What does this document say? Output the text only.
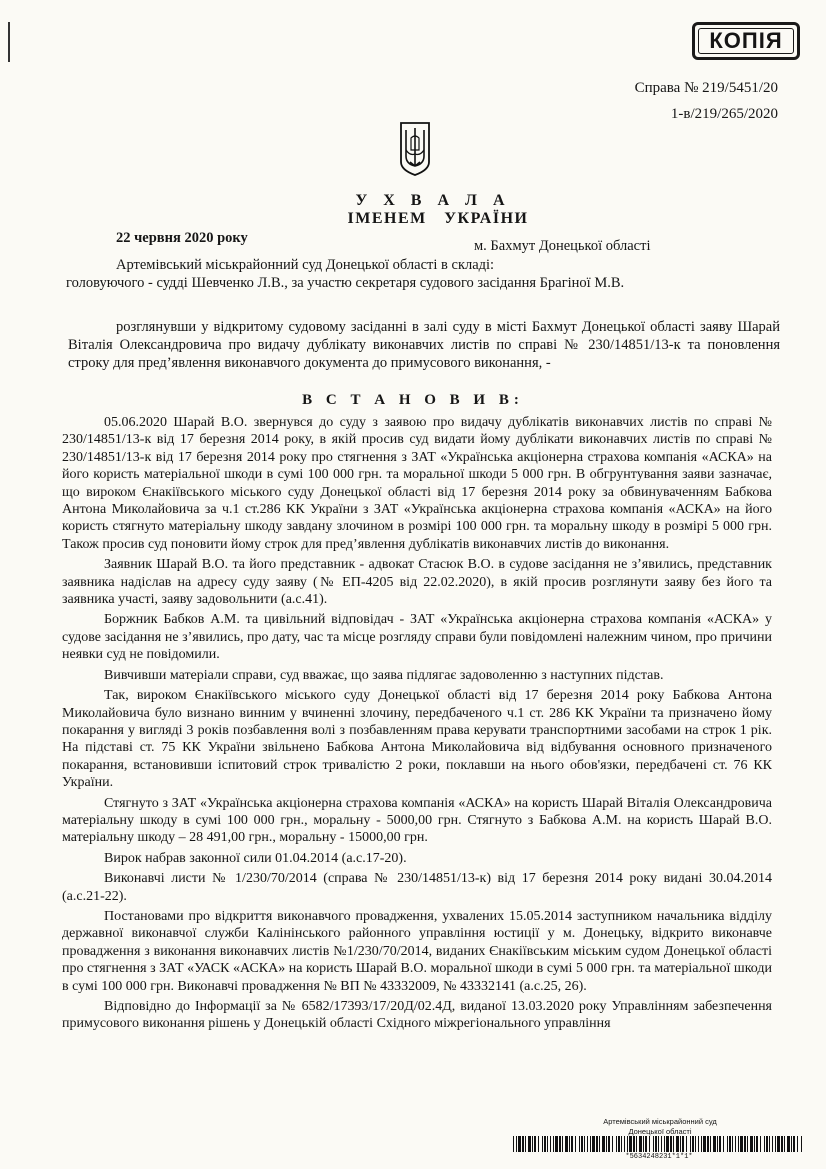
КОПІЯ
Справа № 219/5451/20
1-в/219/265/2020
У Х В А Л А
ІМЕНЕМ УКРАЇНИ
22 червня 2020 року	м. Бахмут Донецької області

Артемівський міськрайонний суд Донецької області в складі:

головуючого - судді Шевченко Л.В., за участю секретаря судового засідання Брагіної М.В.

розглянувши у відкритому судовому засіданні в залі суду в місті Бахмут Донецької області заяву Шарай Віталія Олександровича про видачу дублікату виконавчих листів по справі № 230/14851/13-к та поновлення строку для пред’явлення виконавчого документа до примусового виконання, -

В С Т А Н О В И В:

05.06.2020 Шарай В.О. звернувся до суду з заявою про видачу дублікатів виконавчих листів по справі № 230/14851/13-к від 17 березня 2014 року, в якій просив суд видати йому дублікати виконавчих листів по справі № 230/14851/13-к від 17 березня 2014 року про стягнення з ЗАТ «Українська акціонерна страхова компанія «АСКА» на його користь матеріальної шкоди в сумі 100 000 грн. та моральної шкоди 5 000 грн. В обгрунтування заяви зазначає, що вироком Єнакіївського міського суду Донецької області від 17 березня 2014 року за обвинуваченням Бабкова Антона Миколайовича за ч.1 ст.286 КК України з ЗАТ «Українська акціонерна страхова компанія «АСКА» на його користь стягнуто матеріальну шкоду завдану злочином в розмірі 100 000 грн. та моральну шкоду в розмірі 5 000 грн. Також просив суд поновити йому строк для пред’явлення дублікатів виконавчих листів до виконання.

Заявник Шарай В.О. та його представник - адвокат Стасюк В.О. в судове засідання не з’явились, представник заявника надіслав на адресу суду заяву (№ ЕП-4205 від 22.02.2020), в якій просив розглянути заяву без його та заявника участі, заяву задовольнити (а.с.41).

Боржник Бабков А.М. та цивільний відповідач - ЗАТ «Українська акціонерна страхова компанія «АСКА» у судове засідання не з’явились, про дату, час та місце розгляду справи були повідомлені належним чином, про причини неявки суд не повідомили.

Вивчивши матеріали справи, суд вважає, що заява підлягає задоволенню з наступних підстав.

Так, вироком Єнакіївського міського суду Донецької області від 17 березня 2014 року Бабкова Антона Миколайовича було визнано винним у вчиненні злочину, передбаченого ч.1 ст. 286 КК України та призначено йому покарання у вигляді 3 років позбавлення волі з позбавленням права керувати транспортними засобами на строк 1 рік. На підставі ст. 75 КК України звільнено Бабкова Антона Миколайовича від відбування основного призначеного покарання, встановивши іспитовий строк тривалістю 2 роки, поклавши на нього обов'язки, передбачені ст. 76 КК України.

Стягнуто з ЗАТ «Українська акціонерна страхова компанія «АСКА» на користь Шарай Віталія Олександровича матеріальну шкоду в сумі 100 000 грн., моральну - 5000,00 грн. Стягнуто з Бабкова А.М. на користь Шарай В.О. матеріальну шкоду – 28 491,00 грн., моральну - 15000,00 грн.

Вирок набрав законної сили 01.04.2014 (а.с.17-20).

Виконавчі листи № 1/230/70/2014 (справа № 230/14851/13-к) від 17 березня 2014 року видані 30.04.2014 (а.с.21-22).

Постановами про відкриття виконавчого провадження, ухвалених 15.05.2014 заступником начальника відділу державної виконавчої служби Калінінського районного управління юстиції у м. Донецьку, відкрито виконавче провадження з виконання виконавчих листів №1/230/70/2014, виданих Єнакіївським міським судом Донецької області про стягнення з ЗАТ «УАСК «АСКА» на користь Шарай В.О. моральної шкоди в сумі 5 000 грн. та матеріальної шкоди в сумі 100 000 грн. Виконавчі провадження № ВП № 43332009, № 43332141 (а.с.25, 26).

Відповідно до Інформації за № 6582/17393/17/20Д/02.4Д, виданої 13.03.2020 року Управлінням забезпечення примусового виконання рішень у Донецькій області Східного міжрегіонального управління

Артемівський міськрайонний суд
Донецької області
*5634248231*1*1*
